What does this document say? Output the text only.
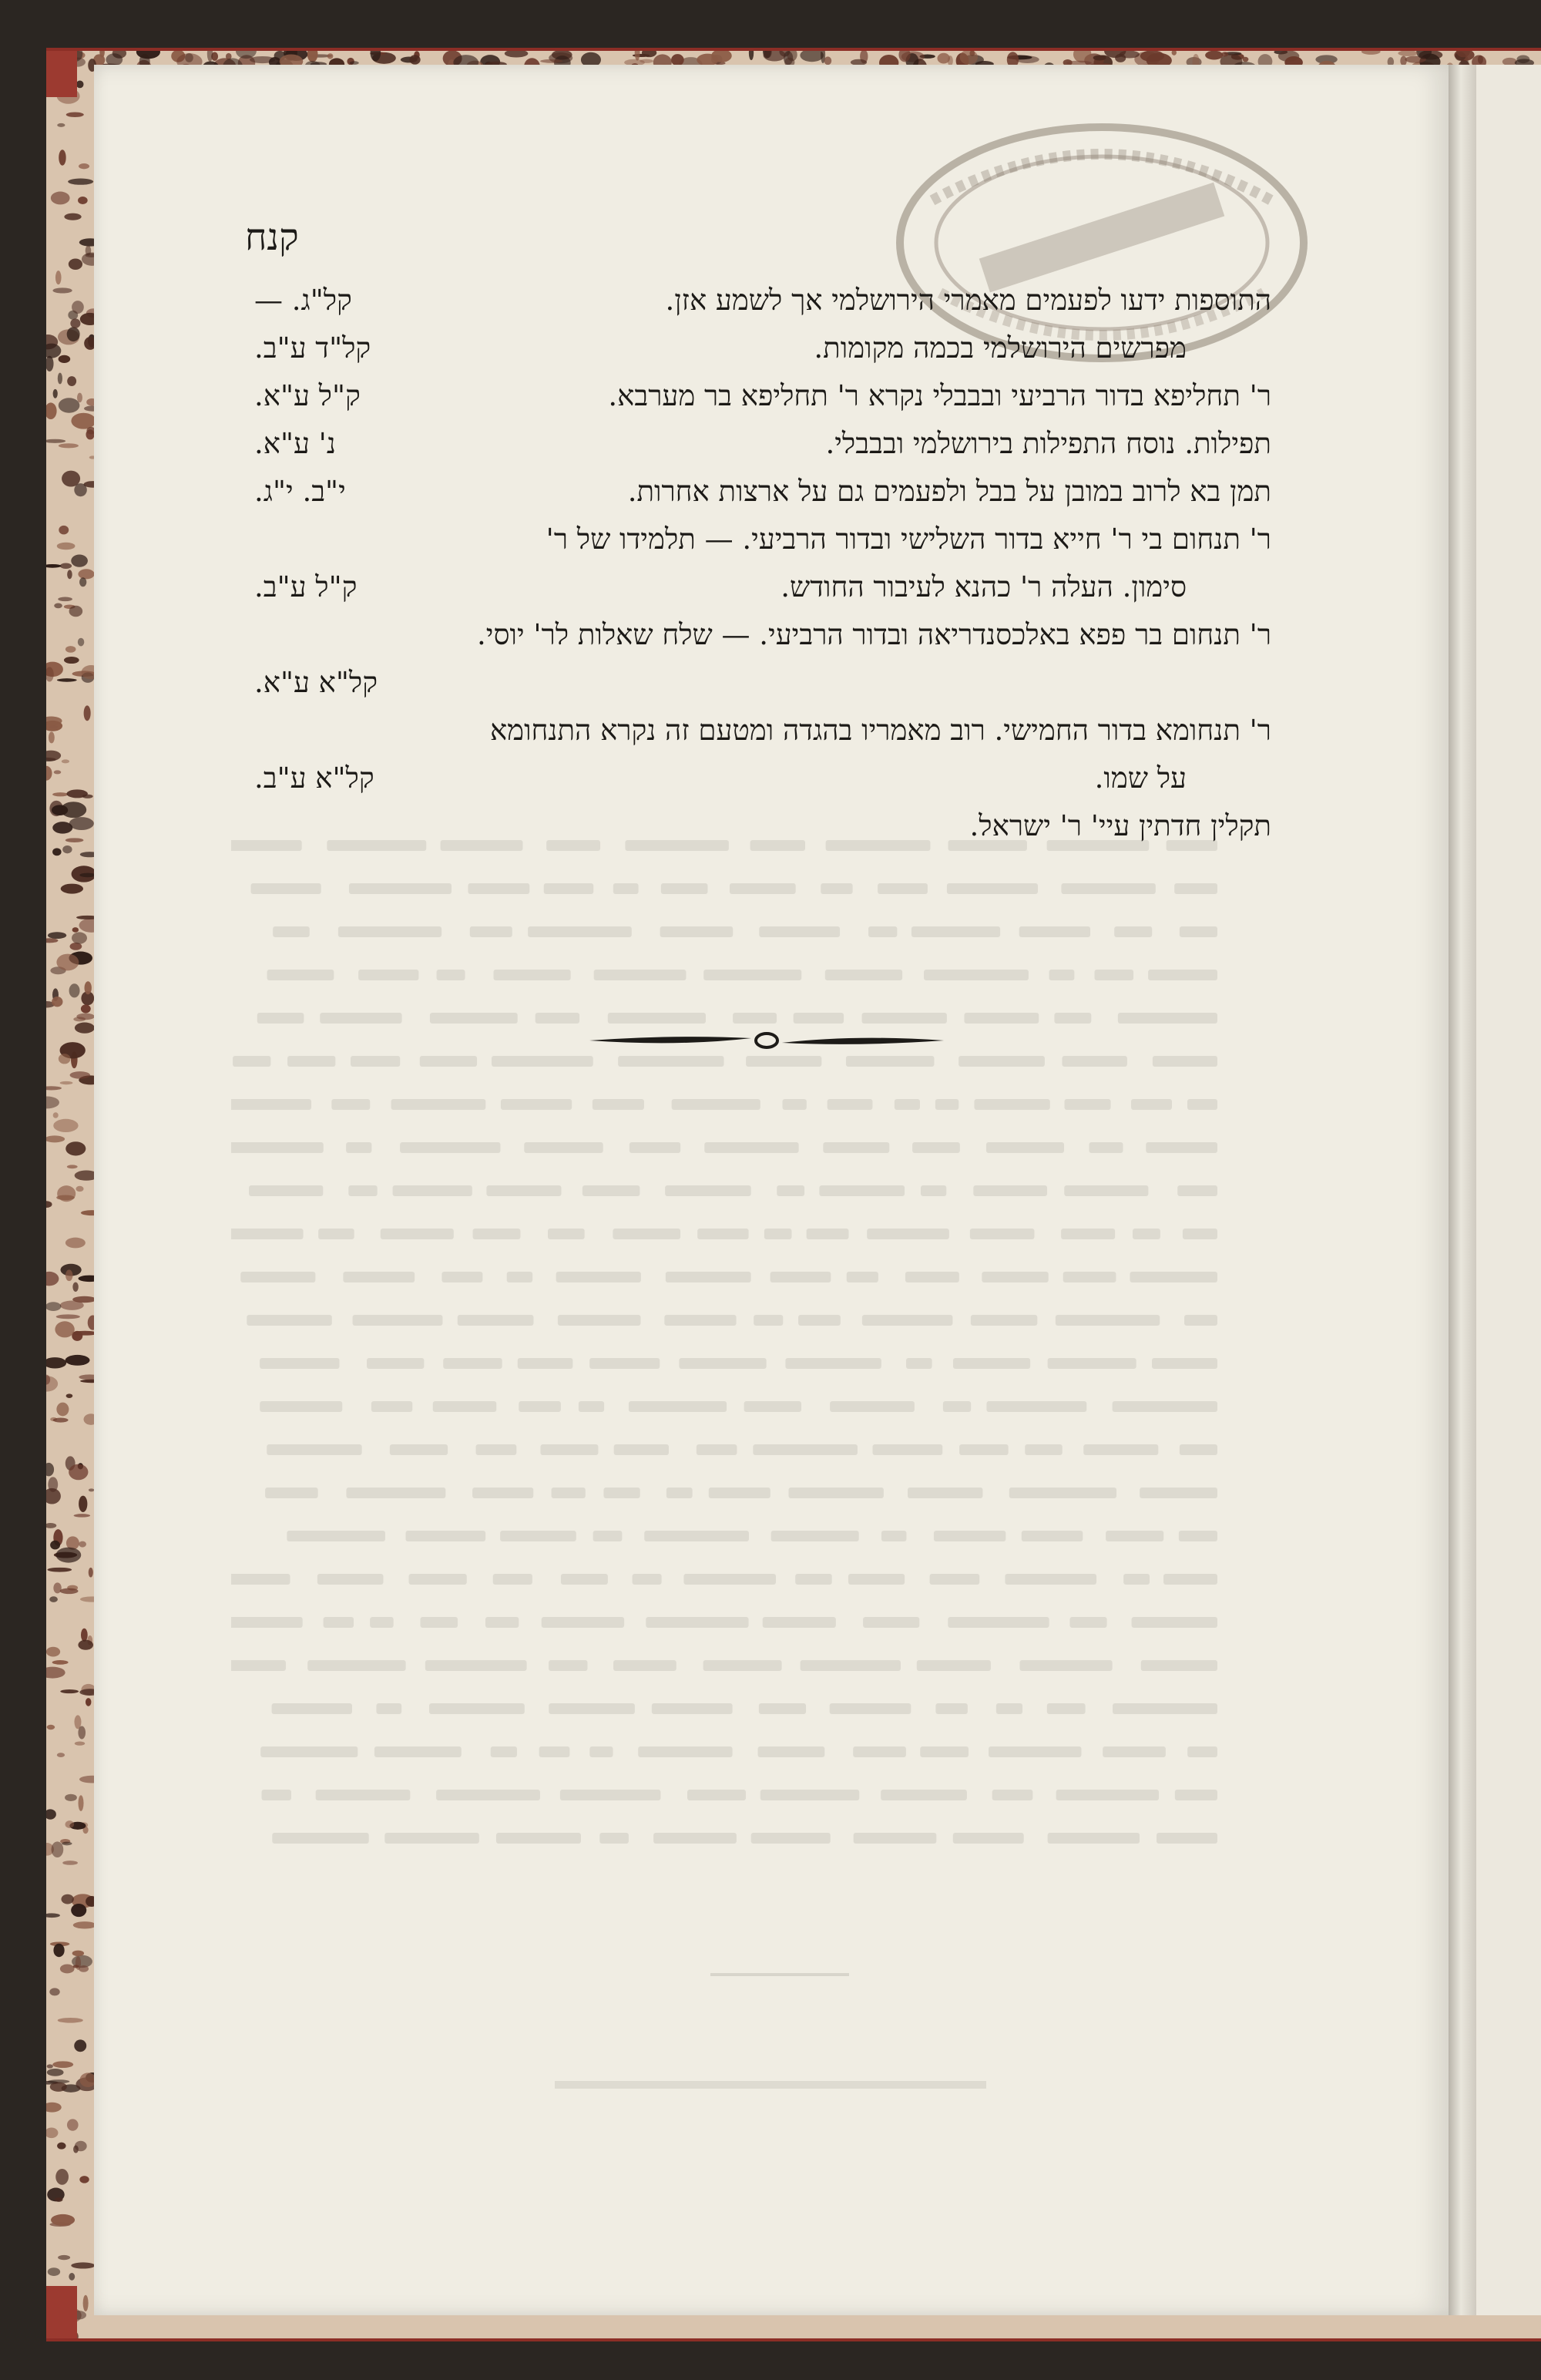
קנח
התוספות ידעו לפעמים מאמרי הירושלמי אך לשמע אזן.
קל"ג. —
מפרשים הירושלמי בכמה מקומות.
קל"ד ע"ב.
ר' תחליפא בדור הרביעי ובבבלי נקרא ר' תחליפא בר מערבא.
ק"ל ע"א.
תפילות. נוסח התפילות בירושלמי ובבבלי.
נ' ע"א.
תמן בא לרוב במובן על בבל ולפעמים גם על ארצות אחרות.
י"ב. י"ג.
ר' תנחום בי ר' חייא בדור השלישי ובדור הרביעי. — תלמידו של ר'
סימון. העלה ר' כהנא לעיבור החודש.
ק"ל ע"ב.
ר' תנחום בר פפא באלכסנדריאה ובדור הרביעי. — שלח שאלות לר' יוסי.
קל"א ע"א.
ר' תנחומא בדור החמישי. רוב מאמריו בהגדה ומטעם זה נקרא התנחומא
על שמו.
קל"א ע"ב.
תקלין חדתין עיי' ר' ישראל.
